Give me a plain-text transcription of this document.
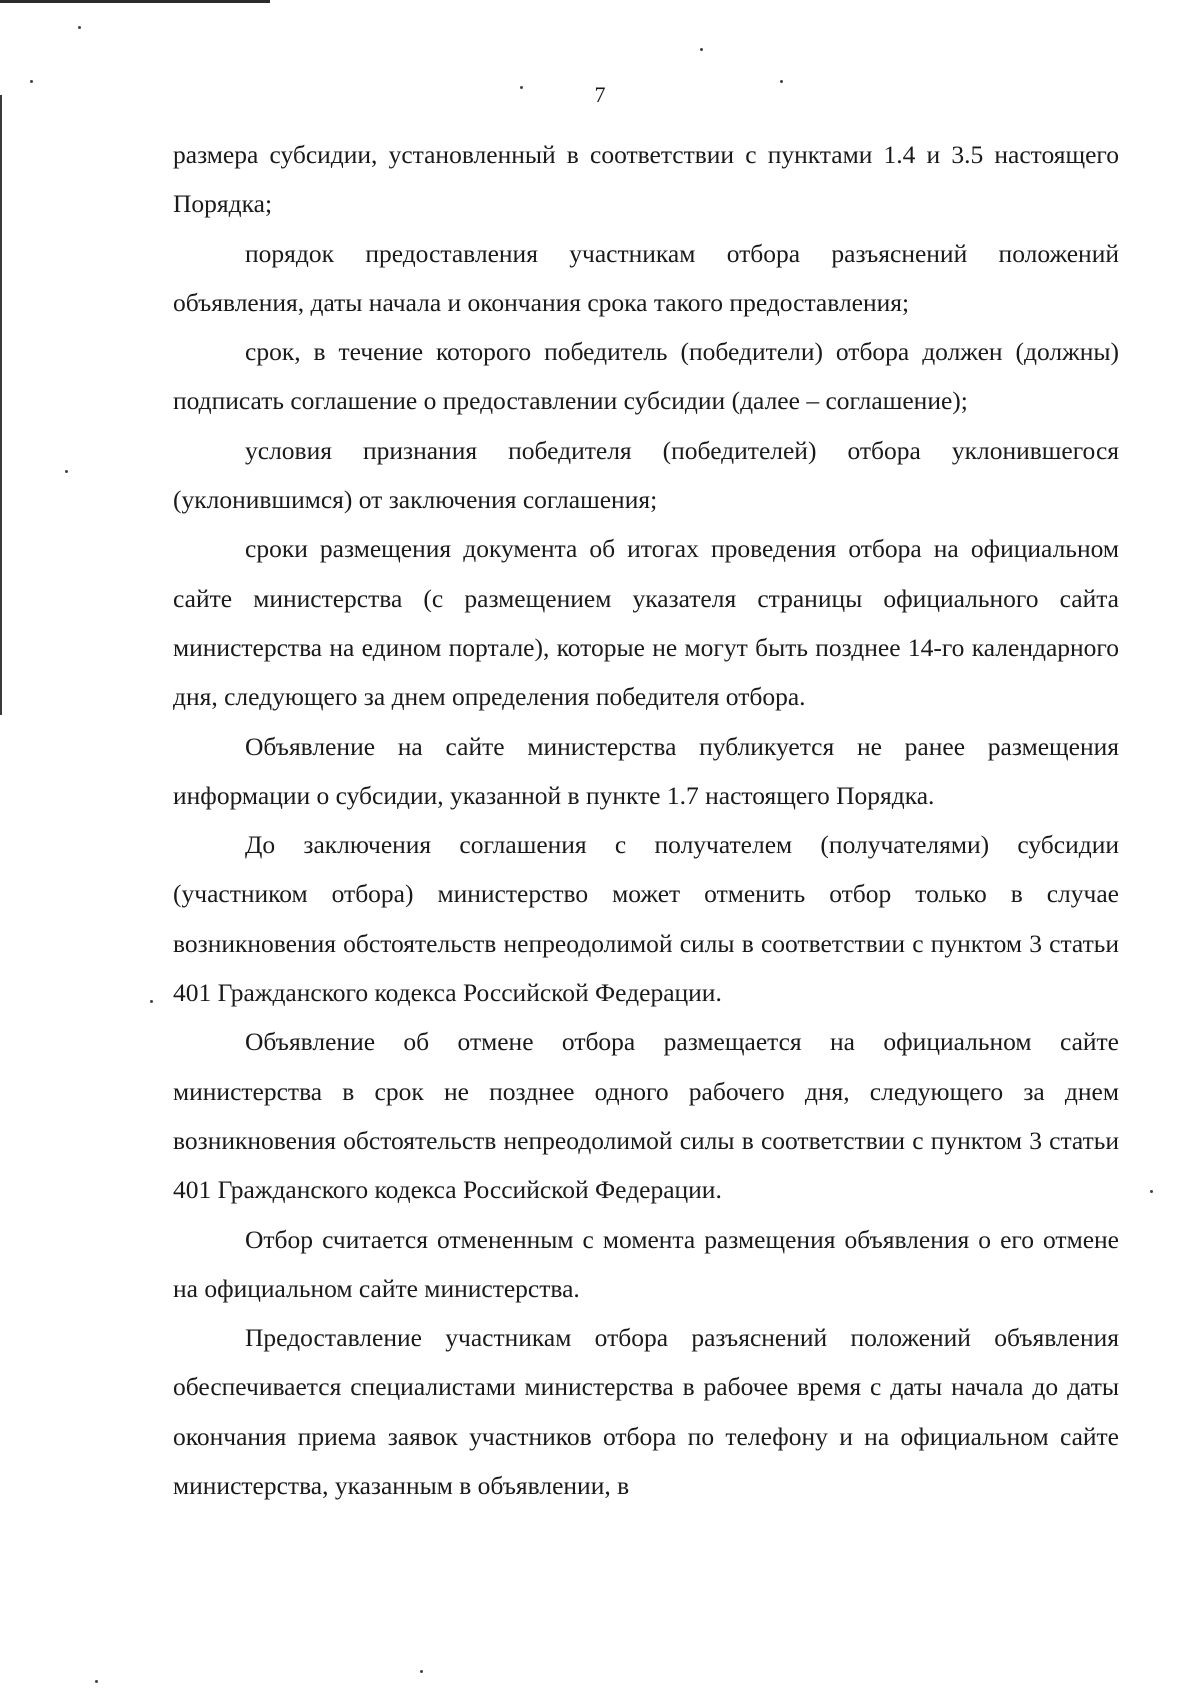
7

размера субсидии, установленный в соответствии с пунктами 1.4 и 3.5 настоящего Порядка;

порядок предоставления участникам отбора разъяснений положений объявления, даты начала и окончания срока такого предоставления;

срок, в течение которого победитель (победители) отбора должен (должны) подписать соглашение о предоставлении субсидии (далее – соглашение);

условия признания победителя (победителей) отбора уклонившегося (уклонившимся) от заключения соглашения;

сроки размещения документа об итогах проведения отбора на официальном сайте министерства (с размещением указателя страницы официального сайта министерства на едином портале), которые не могут быть позднее 14-го календарного дня, следующего за днем определения победителя отбора.

Объявление на сайте министерства публикуется не ранее размещения информации о субсидии, указанной в пункте 1.7 настоящего Порядка.

До заключения соглашения с получателем (получателями) субсидии (участником отбора) министерство может отменить отбор только в случае возникновения обстоятельств непреодолимой силы в соответствии с пунктом 3 статьи 401 Гражданского кодекса Российской Федерации.

Объявление об отмене отбора размещается на официальном сайте министерства в срок не позднее одного рабочего дня, следующего за днем возникновения обстоятельств непреодолимой силы в соответствии с пунктом 3 статьи 401 Гражданского кодекса Российской Федерации.

Отбор считается отмененным с момента размещения объявления о его отмене на официальном сайте министерства.

Предоставление участникам отбора разъяснений положений объявления обеспечивается специалистами министерства в рабочее время с даты начала до даты окончания приема заявок участников отбора по телефону и на официальном сайте министерства, указанным в объявлении, в
